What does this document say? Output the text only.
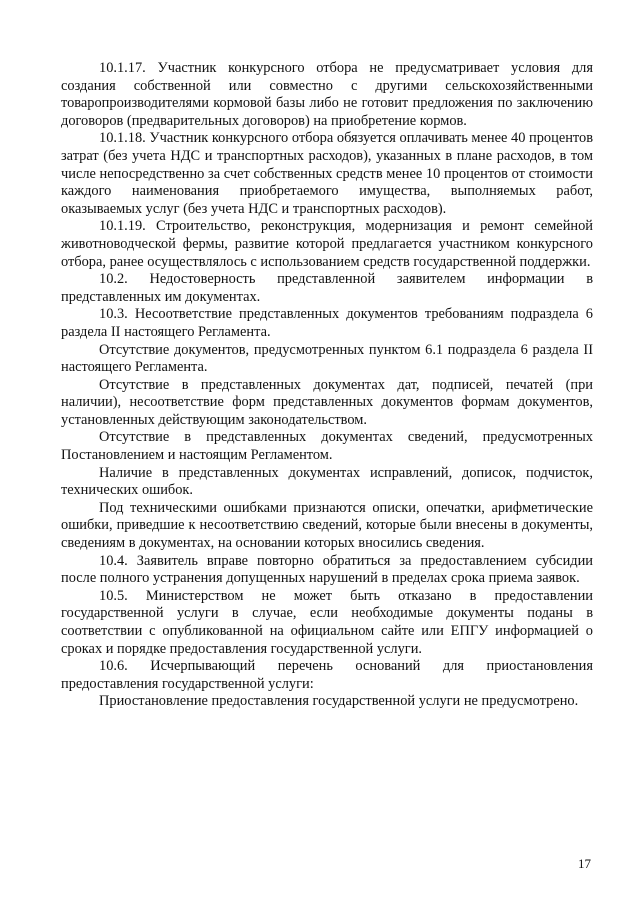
10.1.17. Участник конкурсного отбора не предусматривает условия для создания собственной или совместно с другими сельскохозяйственными товаропроизводителями кормовой базы либо не готовит предложения по заключению договоров (предварительных договоров) на приобретение кормов.

10.1.18. Участник конкурсного отбора обязуется оплачивать менее 40 процентов затрат (без учета НДС и транспортных расходов), указанных в плане расходов, в том числе непосредственно за счет собственных средств менее 10 процентов от стоимости каждого наименования приобретаемого имущества, выполняемых работ, оказываемых услуг (без учета НДС и транспортных расходов).

10.1.19. Строительство, реконструкция, модернизация и ремонт семейной животноводческой фермы, развитие которой предлагается участником конкурсного отбора, ранее осуществлялось с использованием средств государственной поддержки.

10.2. Недостоверность представленной заявителем информации в представленных им документах.

10.3. Несоответствие представленных документов требованиям подраздела 6 раздела II настоящего Регламента.

Отсутствие документов, предусмотренных пунктом 6.1 подраздела 6 раздела II настоящего Регламента.

Отсутствие в представленных документах дат, подписей, печатей (при наличии), несоответствие форм представленных документов формам документов, установленных действующим законодательством.

Отсутствие в представленных документах сведений, предусмотренных Постановлением и настоящим Регламентом.

Наличие в представленных документах исправлений, дописок, подчисток, технических ошибок.

Под техническими ошибками признаются описки, опечатки, арифметические ошибки, приведшие к несоответствию сведений, которые были внесены в документы, сведениям в документах, на основании которых вносились сведения.

10.4. Заявитель вправе повторно обратиться за предоставлением субсидии после полного устранения допущенных нарушений в пределах срока приема заявок.

10.5. Министерством не может быть отказано в предоставлении государственной услуги в случае, если необходимые документы поданы в соответствии с опубликованной на официальном сайте или ЕПГУ информацией о сроках и порядке предоставления государственной услуги.

10.6. Исчерпывающий перечень оснований для приостановления предоставления государственной услуги:

Приостановление предоставления государственной услуги не предусмотрено.

17
